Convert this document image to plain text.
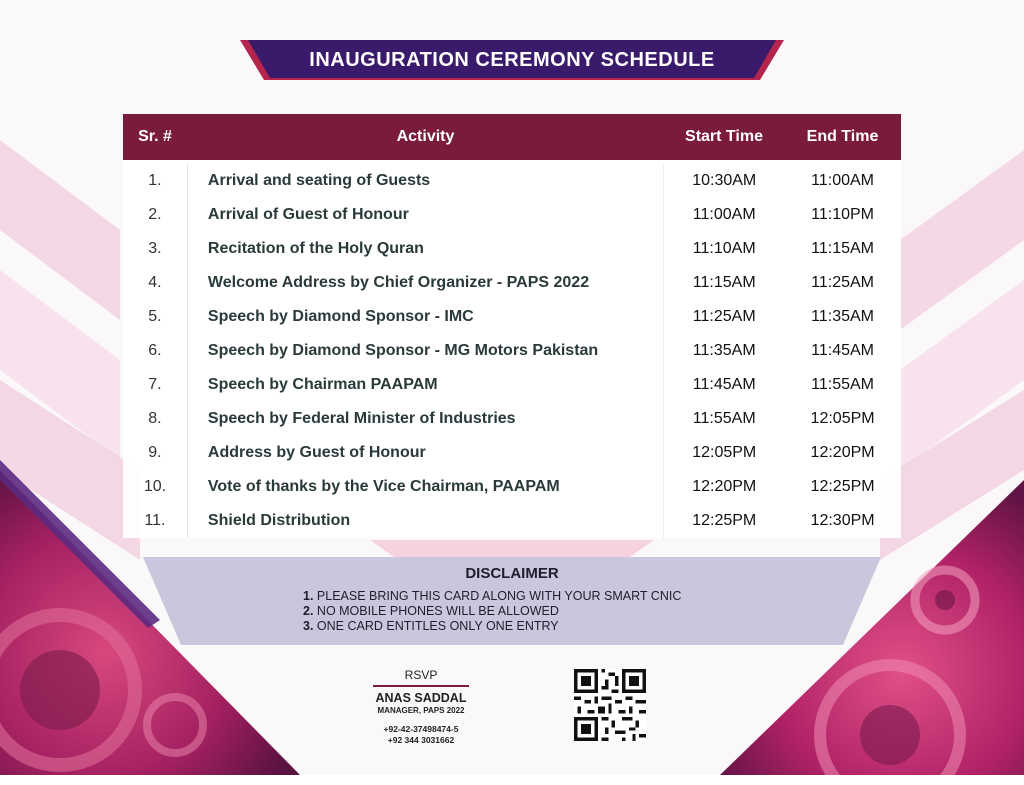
INAUGURATION CEREMONY SCHEDULE
Sr. #	Activity	Start Time	End Time
1.	Arrival and seating of Guests	10:30AM	11:00AM
2.	Arrival of Guest of Honour	11:00AM	11:10PM
3.	Recitation of the Holy Quran	11:10AM	11:15AM
4.	Welcome Address by Chief Organizer - PAPS 2022	11:15AM	11:25AM
5.	Speech by Diamond Sponsor - IMC	11:25AM	11:35AM
6.	Speech by Diamond Sponsor - MG Motors Pakistan	11:35AM	11:45AM
7.	Speech by Chairman PAAPAM	11:45AM	11:55AM
8.	Speech by Federal Minister of Industries	11:55AM	12:05PM
9.	Address by Guest of Honour	12:05PM	12:20PM
10.	Vote of thanks by the Vice Chairman, PAAPAM	12:20PM	12:25PM
11.	Shield Distribution	12:25PM	12:30PM
DISCLAIMER
1. PLEASE BRING THIS CARD ALONG WITH YOUR SMART CNIC
2. NO MOBILE PHONES WILL BE ALLOWED
3. ONE CARD ENTITLES ONLY ONE ENTRY
RSVP
ANAS SADDAL
MANAGER, PAPS 2022
+92-42-37498474-5
+92 344 3031662
